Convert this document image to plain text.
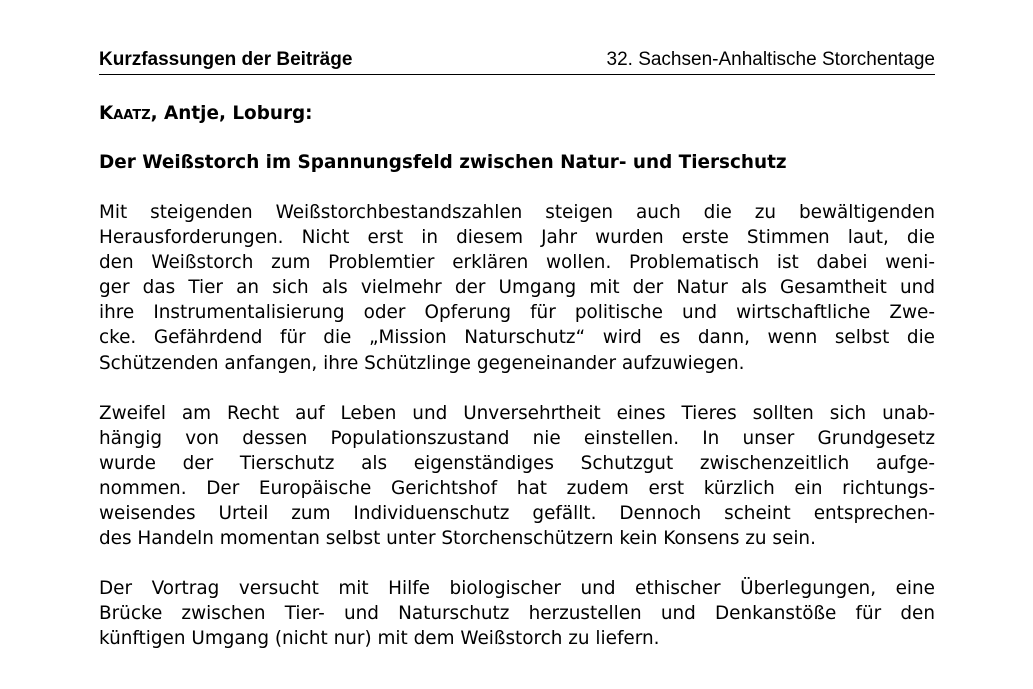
Kurzfassungen der Beiträge	32. Sachsen-Anhaltische Storchentage
Kaatz, Antje, Loburg:
Der Weißstorch im Spannungsfeld zwischen Natur- und Tierschutz
Mit steigenden Weißstorchbestandszahlen steigen auch die zu bewältigenden
Herausforderungen. Nicht erst in diesem Jahr wurden erste Stimmen laut, die
den Weißstorch zum Problemtier erklären wollen. Problematisch ist dabei weni-
ger das Tier an sich als vielmehr der Umgang mit der Natur als Gesamtheit und
ihre Instrumentalisierung oder Opferung für politische und wirtschaftliche Zwe-
cke. Gefährdend für die „Mission Naturschutz“ wird es dann, wenn selbst die
Schützenden anfangen, ihre Schützlinge gegeneinander aufzuwiegen.
Zweifel am Recht auf Leben und Unversehrtheit eines Tieres sollten sich unab-
hängig von dessen Populationszustand nie einstellen. In unser Grundgesetz
wurde der Tierschutz als eigenständiges Schutzgut zwischenzeitlich aufge-
nommen. Der Europäische Gerichtshof hat zudem erst kürzlich ein richtungs-
weisendes Urteil zum Individuenschutz gefällt. Dennoch scheint entsprechen-
des Handeln momentan selbst unter Storchenschützern kein Konsens zu sein.
Der Vortrag versucht mit Hilfe biologischer und ethischer Überlegungen, eine
Brücke zwischen Tier- und Naturschutz herzustellen und Denkanstöße für den
künftigen Umgang (nicht nur) mit dem Weißstorch zu liefern.
